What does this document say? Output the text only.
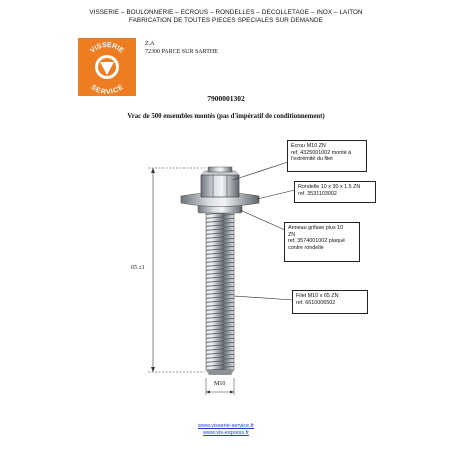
VISSERIE – BOULONNERIE – ECROUS – RONDELLES – DECOLLETAGE – INOX – LAITON
FABRICATION DE TOUTES PIECES SPECIALES SUR DEMANDE
VISSERIE
SERVICE
Z.A
72300 PARCE SUR SARTHE
7900001302
Vrac de 500 ensembles montés (pas d'impératif de conditionnement)
Ecrou M10 ZN
ref. 4325001002 monté à
l'extrémité du filet
Rondelle 10 x 30 x 1.5 ZN
ref. 3531103002
Anneau grifaxe plus 10
ZN
ref. 3574001002 plaqué
contre rondelle
Filet M10 x 65 ZN
ref. 6610006502
65 ±1
M10
www.visserie-service.fr
www.vis-express.fr
